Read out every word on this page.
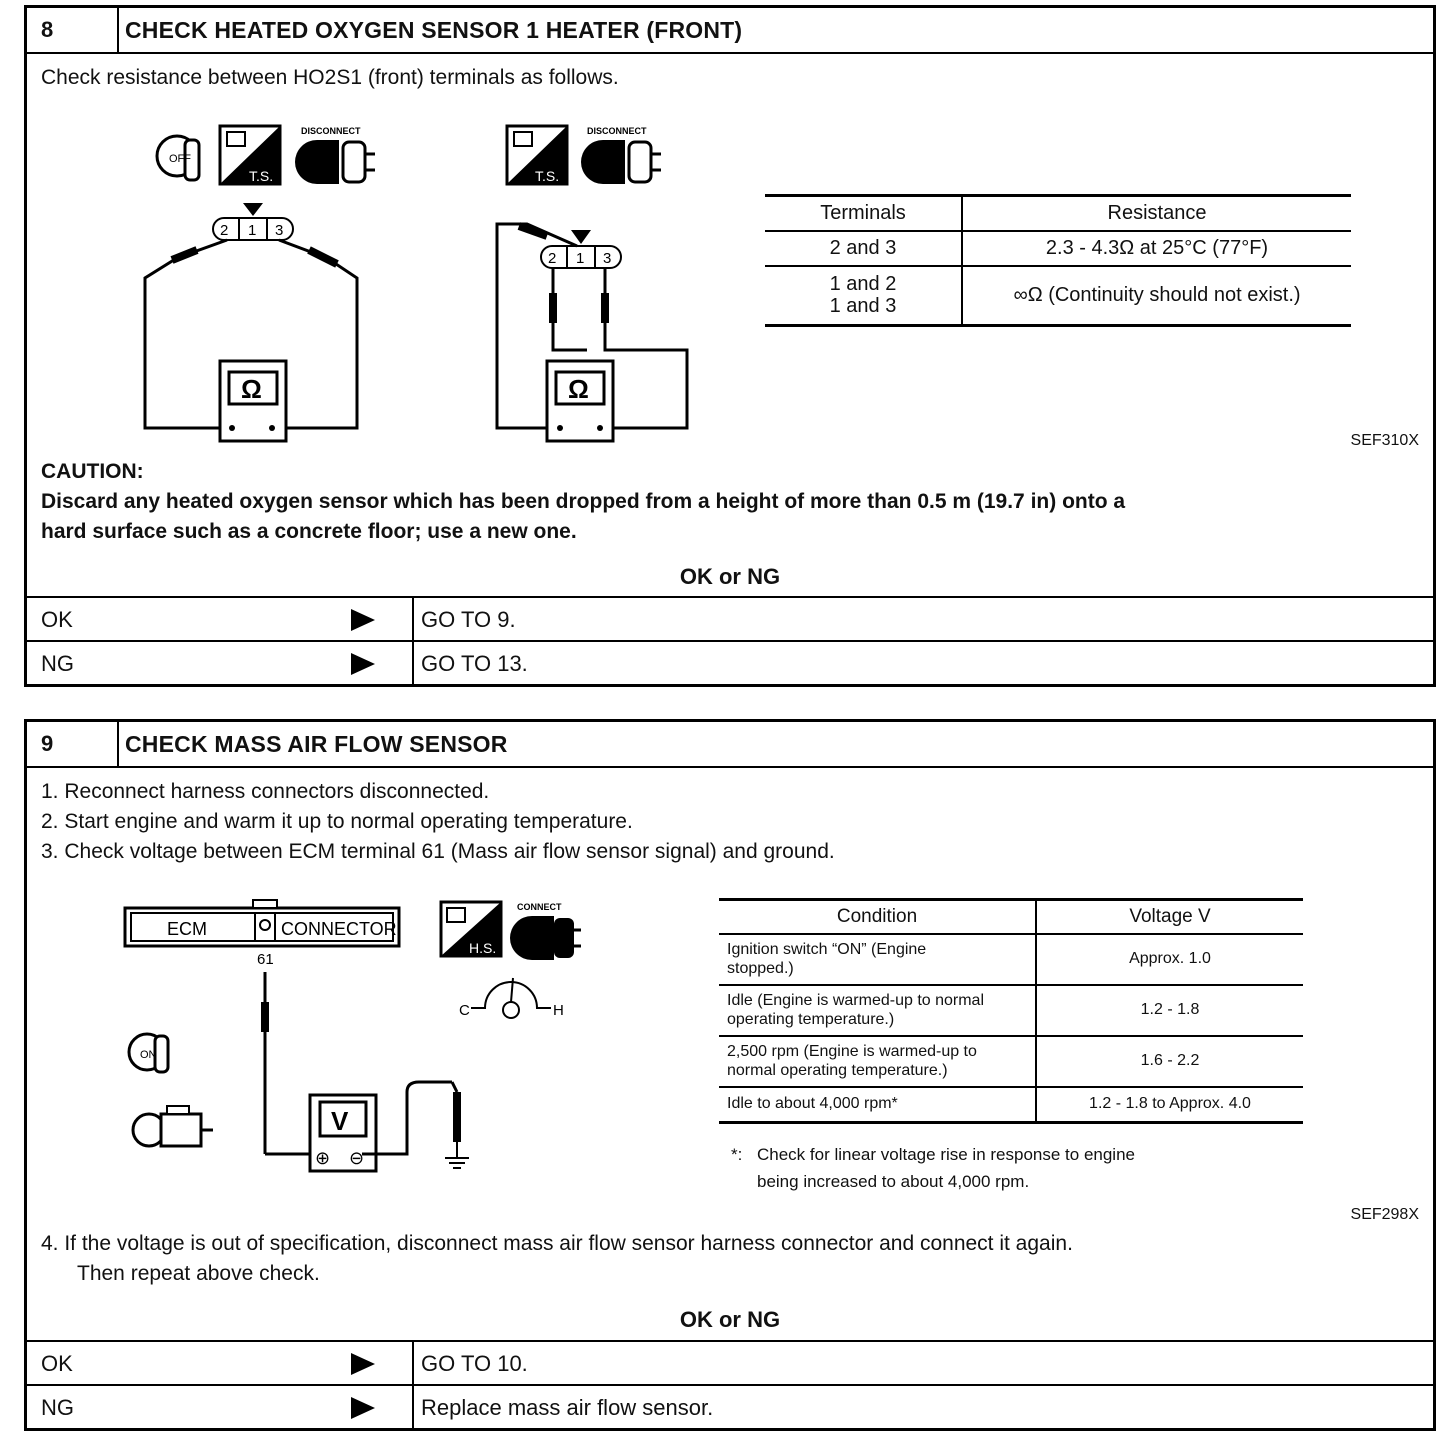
8	CHECK HEATED OXYGEN SENSOR 1 HEATER (FRONT)
Check resistance between HO2S1 (front) terminals as follows.
OFF
T.S.
DISCONNECT
T.S.
DISCONNECT
2 1 3
Ω
2 1 3
Ω
Terminals	Resistance
2 and 3	2.3 - 4.3Ω at 25°C (77°F)

1 and 2
1 and 3	∞Ω (Continuity should not exist.)
SEF310X
CAUTION:
Discard any heated oxygen sensor which has been dropped from a height of more than 0.5 m (19.7 in) onto a
hard surface such as a concrete floor; use a new one.
OK or NG
OK	GO TO 9.
NG	GO TO 13.
9	CHECK MASS AIR FLOW SENSOR
1. Reconnect harness connectors disconnected.
2. Start engine and warm it up to normal operating temperature.
3. Check voltage between ECM terminal 61 (Mass air flow sensor signal) and ground.
ECM	CONNECTOR
61
V
⊕ ⊖
ON
H.S.
CONNECT
C	H
Condition	Voltage V

Ignition switch “ON” (Engine
stopped.)	Approx. 1.0

Idle (Engine is warmed-up to normal
operating temperature.)	1.2 - 1.8

2,500 rpm (Engine is warmed-up to
normal operating temperature.)	1.6 - 2.2
Idle to about 4,000 rpm*	1.2 - 1.8 to Approx. 4.0
*: Check for linear voltage rise in response to engine
being increased to about 4,000 rpm.
SEF298X
4. If the voltage is out of specification, disconnect mass air flow sensor harness connector and connect it again.
Then repeat above check.
OK or NG
OK	GO TO 10.
NG	Replace mass air flow sensor.
